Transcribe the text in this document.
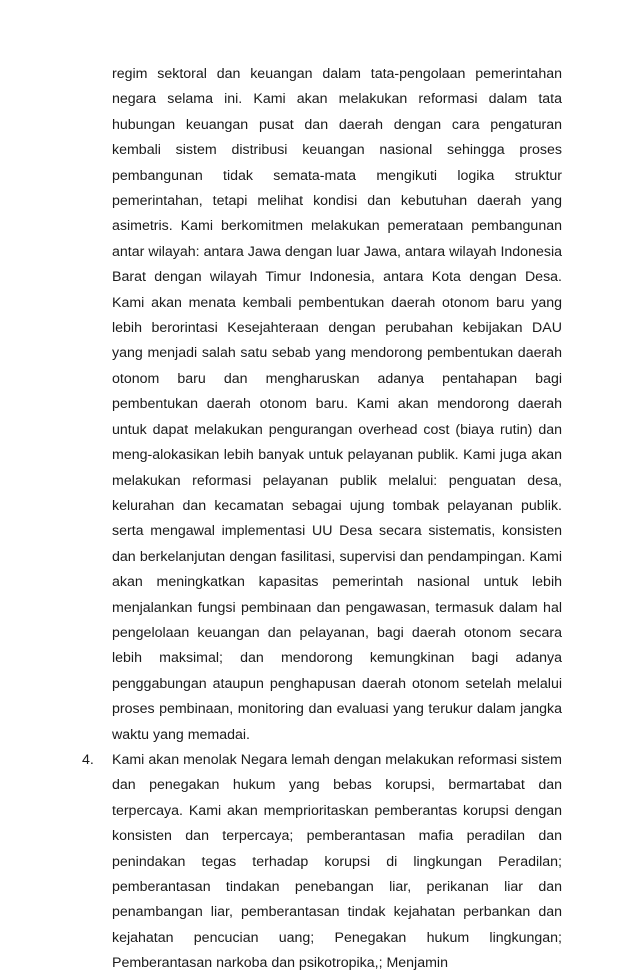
regim sektoral dan keuangan dalam tata-pengolaan pemerintahan negara selama ini. Kami akan melakukan reformasi dalam tata hubungan keuangan pusat dan daerah dengan cara pengaturan kembali sistem distribusi keuangan nasional sehingga proses pembangunan tidak semata-mata mengikuti logika struktur pemerintahan, tetapi melihat kondisi dan kebutuhan daerah yang asimetris. Kami berkomitmen melakukan pemerataan pembangunan antar wilayah: antara Jawa dengan luar Jawa, antara wilayah Indonesia Barat dengan wilayah Timur Indonesia, antara Kota dengan Desa. Kami akan menata kembali pembentukan daerah otonom baru yang lebih berorintasi Kesejahteraan dengan perubahan kebijakan DAU yang menjadi salah satu sebab yang mendorong pembentukan daerah otonom baru dan mengharuskan adanya pentahapan bagi pembentukan daerah otonom baru. Kami akan mendorong daerah untuk dapat melakukan pengurangan overhead cost (biaya rutin) dan meng-alokasikan lebih banyak untuk pelayanan publik. Kami juga akan melakukan reformasi pelayanan publik melalui: penguatan desa, kelurahan dan kecamatan sebagai ujung tombak pelayanan publik. serta mengawal implementasi UU Desa secara sistematis, konsisten dan berkelanjutan dengan fasilitasi, supervisi dan pendampingan. Kami akan meningkatkan kapasitas pemerintah nasional untuk lebih menjalankan fungsi pembinaan dan pengawasan, termasuk dalam hal pengelolaan keuangan dan pelayanan, bagi daerah otonom secara lebih maksimal; dan mendorong kemungkinan bagi adanya penggabungan ataupun penghapusan daerah otonom setelah melalui proses pembinaan, monitoring dan evaluasi yang terukur dalam jangka waktu yang memadai.

4. Kami akan menolak Negara lemah dengan melakukan reformasi sistem dan penegakan hukum yang bebas korupsi, bermartabat dan terpercaya. Kami akan memprioritaskan pemberantas korupsi dengan konsisten dan terpercaya; pemberantasan mafia peradilan dan penindakan tegas terhadap korupsi di lingkungan Peradilan; pemberantasan tindakan penebangan liar, perikanan liar dan penambangan liar, pemberantasan tindak kejahatan perbankan dan kejahatan pencucian uang; Penegakan hukum lingkungan; Pemberantasan narkoba dan psikotropika,; Menjamin
